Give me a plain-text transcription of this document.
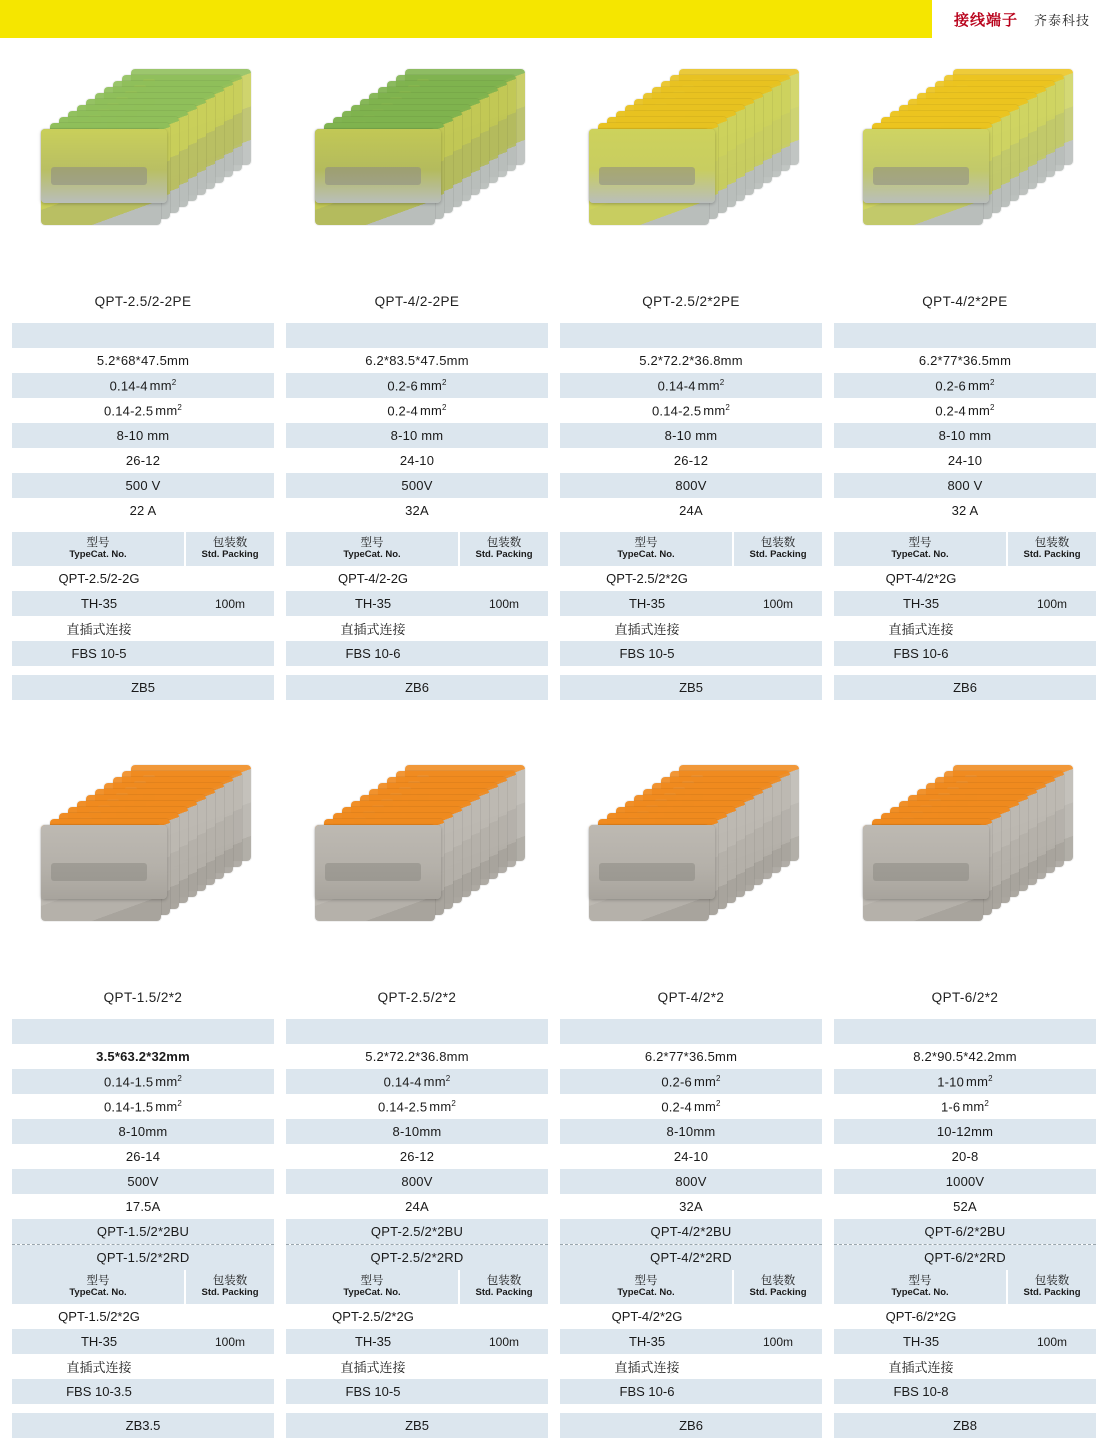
接线端子 齐泰科技
QPT-2.5/2-2PE
5.2*68*47.5mm
0.14-4 $mm^2$
0.14-2.5 $mm^2$
8-10 mm
26-12
500 V
22 A
型号
TypeCat. No.
包装数
Std. Packing
QPT-2.5/2-2G
TH-35	100m
直插式连接
FBS 10-5
ZB5
QPT-4/2-2PE
6.2*83.5*47.5mm
0.2-6 $mm^2$
0.2-4 $mm^2$
8-10 mm
24-10
500V
32A
型号
TypeCat. No.
包装数
Std. Packing
QPT-4/2-2G
TH-35	100m
直插式连接
FBS 10-6
ZB6
QPT-2.5/2*2PE
5.2*72.2*36.8mm
0.14-4 $mm^2$
0.14-2.5 $mm^2$
8-10 mm
26-12
800V
24A
型号
TypeCat. No.
包装数
Std. Packing
QPT-2.5/2*2G
TH-35	100m
直插式连接
FBS 10-5
ZB5
QPT-4/2*2PE
6.2*77*36.5mm
0.2-6 $mm^2$
0.2-4 $mm^2$
8-10 mm
24-10
800 V
32 A
型号
TypeCat. No.
包装数
Std. Packing
QPT-4/2*2G
TH-35	100m
直插式连接
FBS 10-6
ZB6
QPT-1.5/2*2
3.5*63.2*32mm
0.14-1.5 $mm^2$
0.14-1.5 $mm^2$
8-10mm
26-14
500V
17.5A
QPT-1.5/2*2BU
QPT-1.5/2*2RD
型号
TypeCat. No.
包装数
Std. Packing
QPT-1.5/2*2G
TH-35	100m
直插式连接
FBS 10-3.5
ZB3.5
QPT-2.5/2*2
5.2*72.2*36.8mm
0.14-4 $mm^2$
0.14-2.5 $mm^2$
8-10mm
26-12
800V
24A
QPT-2.5/2*2BU
QPT-2.5/2*2RD
型号
TypeCat. No.
包装数
Std. Packing
QPT-2.5/2*2G
TH-35	100m
直插式连接
FBS 10-5
ZB5
QPT-4/2*2
6.2*77*36.5mm
0.2-6 $mm^2$
0.2-4 $mm^2$
8-10mm
24-10
800V
32A
QPT-4/2*2BU
QPT-4/2*2RD
型号
TypeCat. No.
包装数
Std. Packing
QPT-4/2*2G
TH-35	100m
直插式连接
FBS 10-6
ZB6
QPT-6/2*2
8.2*90.5*42.2mm
1-10 $mm^2$
1-6 $mm^2$
10-12mm
20-8
1000V
52A
QPT-6/2*2BU
QPT-6/2*2RD
型号
TypeCat. No.
包装数
Std. Packing
QPT-6/2*2G
TH-35	100m
直插式连接
FBS 10-8
ZB8
